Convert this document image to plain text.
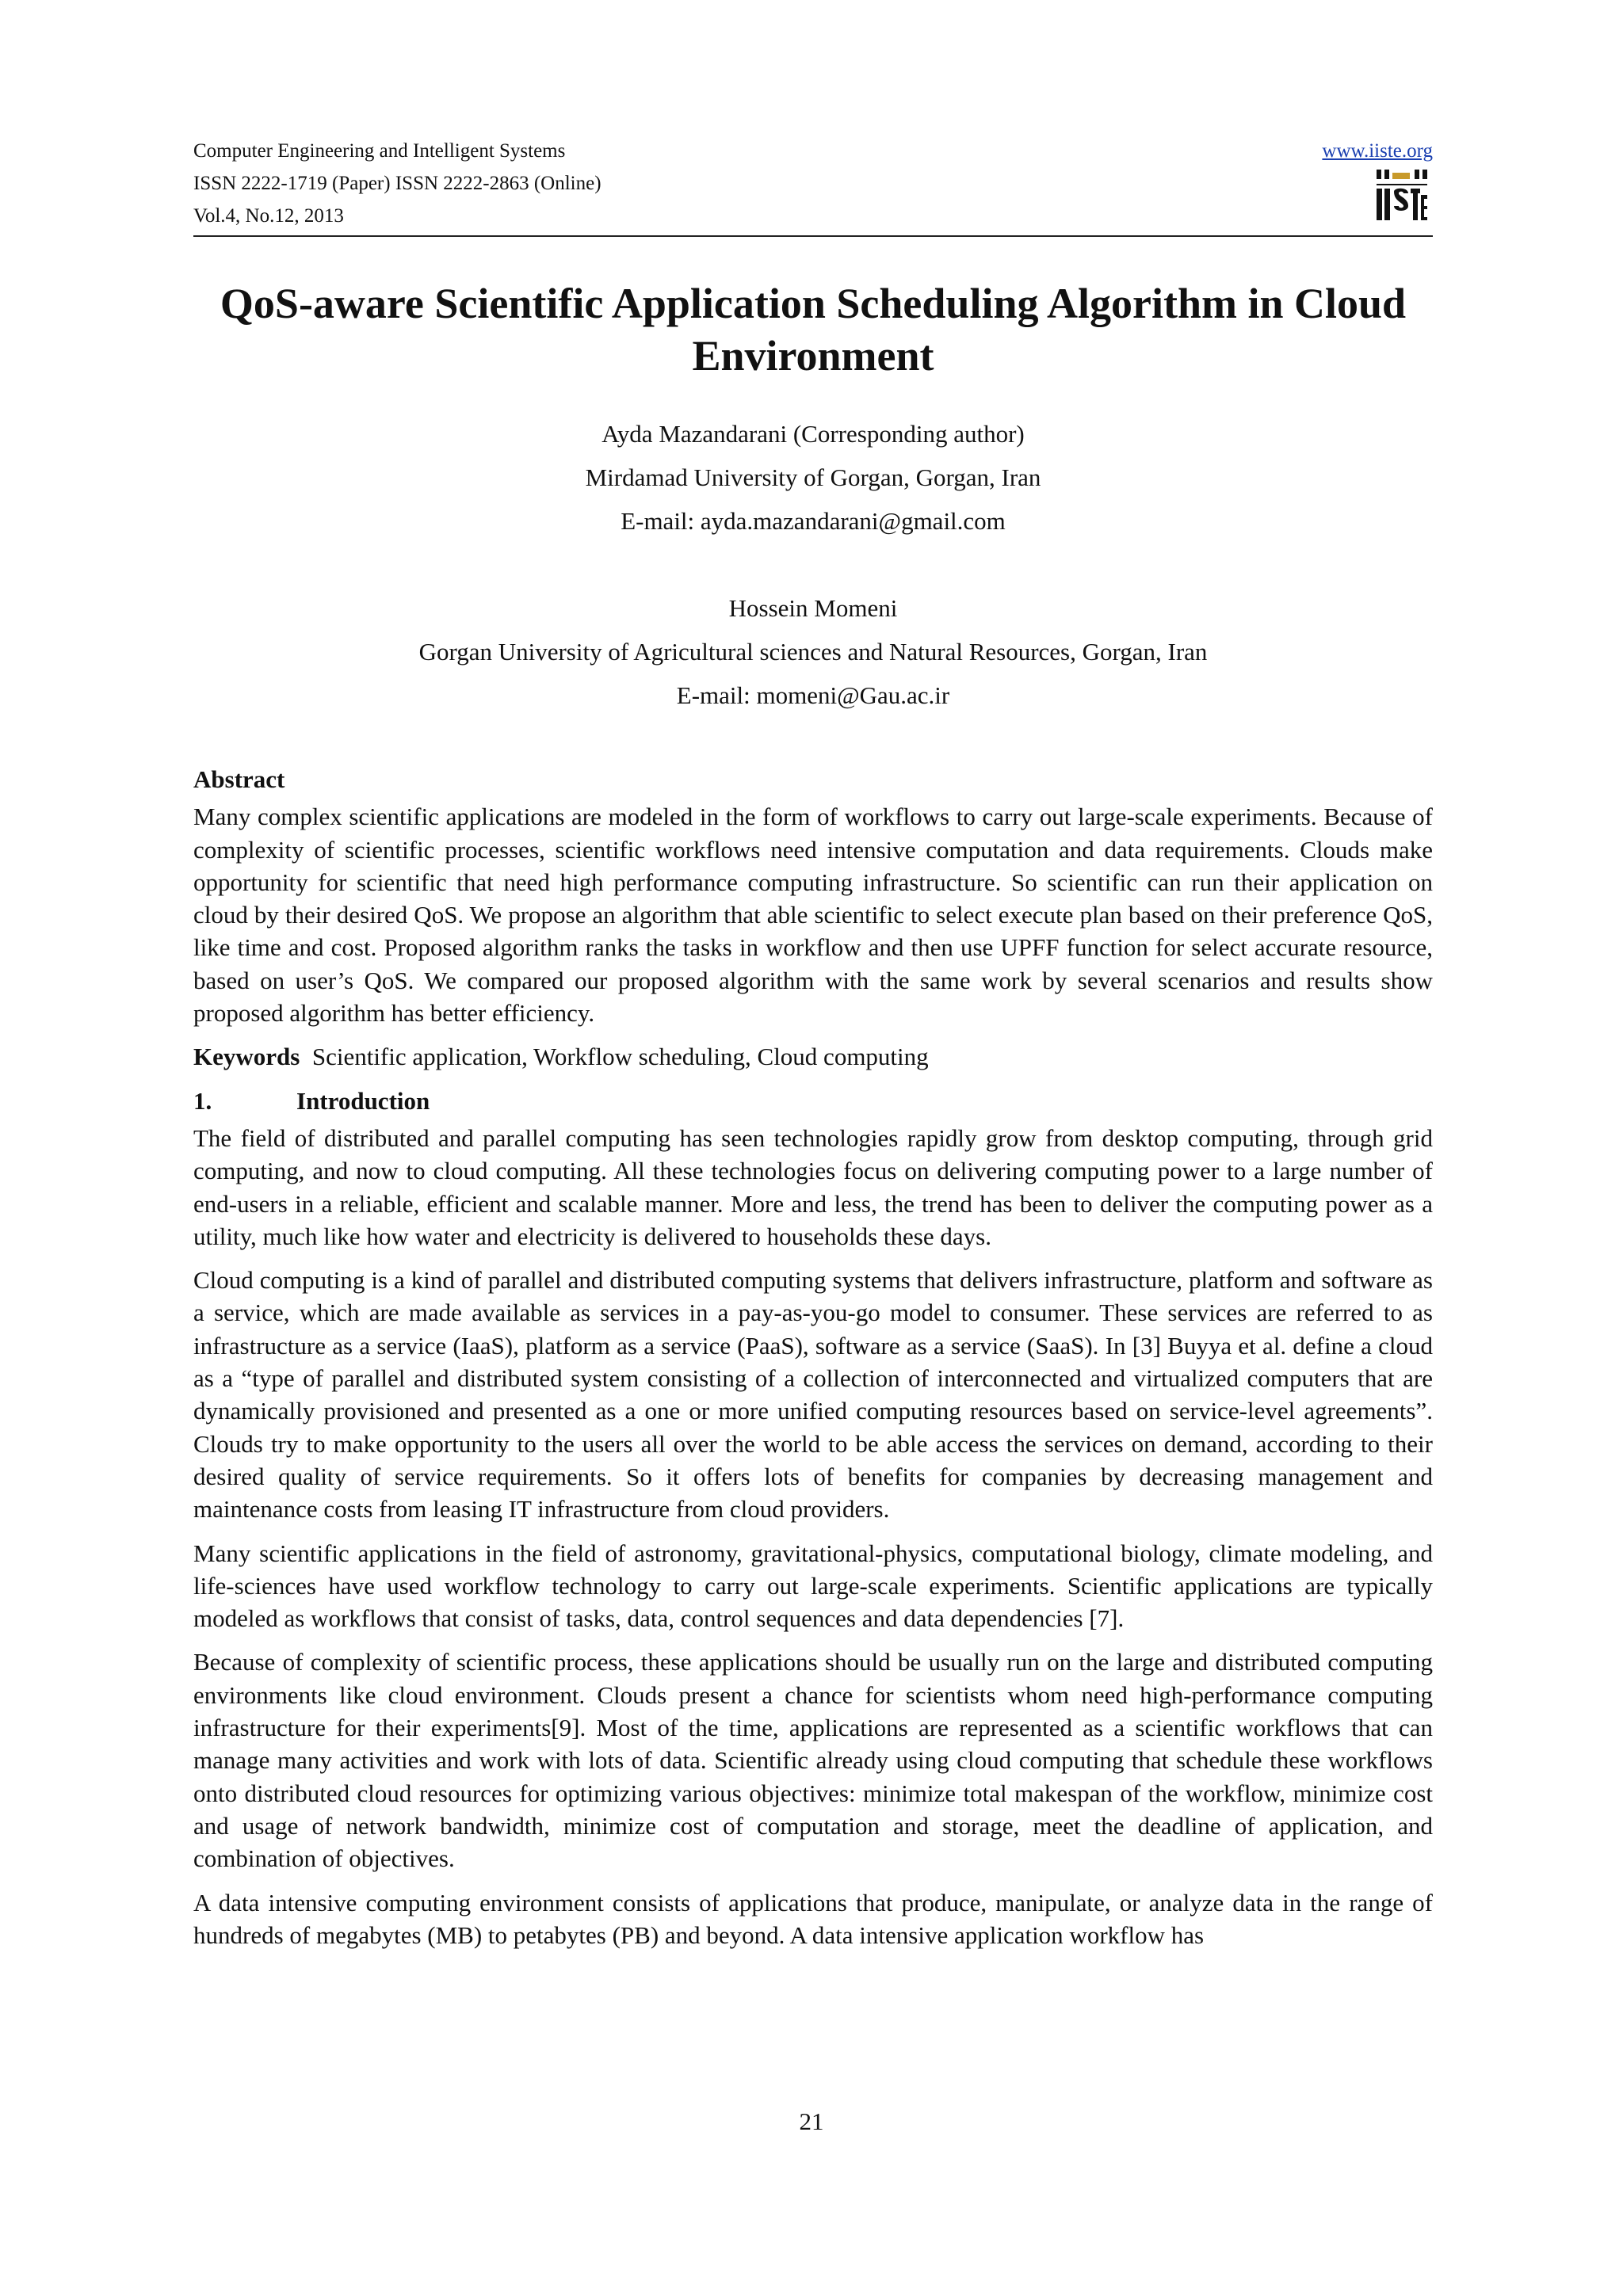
Computer Engineering and Intelligent Systems
ISSN 2222-1719 (Paper) ISSN 2222-2863 (Online)
Vol.4, No.12, 2013
www.iiste.org
QoS-aware Scientific Application Scheduling Algorithm in Cloud Environment
Ayda Mazandarani (Corresponding author)
Mirdamad University of Gorgan, Gorgan, Iran
E-mail: ayda.mazandarani@gmail.com
Hossein Momeni
Gorgan University of Agricultural sciences and Natural Resources, Gorgan, Iran
E-mail: momeni@Gau.ac.ir
Abstract

Many complex scientific applications are modeled in the form of workflows to carry out large-scale experiments. Because of complexity of scientific processes, scientific workflows need intensive computation and data requirements. Clouds make opportunity for scientific that need high performance computing infrastructure. So scientific can run their application on cloud by their desired QoS. We propose an algorithm that able scientific to select execute plan based on their preference QoS, like time and cost. Proposed algorithm ranks the tasks in workflow and then use UPFF function for select accurate resource, based on user’s QoS. We compared our proposed algorithm with the same work by several scenarios and results show proposed algorithm has better efficiency.

Keywords Scientific application, Workflow scheduling, Cloud computing

1.	Introduction

The field of distributed and parallel computing has seen technologies rapidly grow from desktop computing, through grid computing, and now to cloud computing. All these technologies focus on delivering computing power to a large number of end-users in a reliable, efficient and scalable manner. More and less, the trend has been to deliver the computing power as a utility, much like how water and electricity is delivered to households these days.

Cloud computing is a kind of parallel and distributed computing systems that delivers infrastructure, platform and software as a service, which are made available as services in a pay-as-you-go model to consumer. These services are referred to as infrastructure as a service (IaaS), platform as a service (PaaS), software as a service (SaaS). In [3] Buyya et al. define a cloud as a “type of parallel and distributed system consisting of a collection of interconnected and virtualized computers that are dynamically provisioned and presented as a one or more unified computing resources based on service-level agreements”. Clouds try to make opportunity to the users all over the world to be able access the services on demand, according to their desired quality of service requirements. So it offers lots of benefits for companies by decreasing management and maintenance costs from leasing IT infrastructure from cloud providers.

Many scientific applications in the field of astronomy, gravitational-physics, computational biology, climate modeling, and life-sciences have used workflow technology to carry out large-scale experiments. Scientific applications are typically modeled as workflows that consist of tasks, data, control sequences and data dependencies [7].

Because of complexity of scientific process, these applications should be usually run on the large and distributed computing environments like cloud environment. Clouds present a chance for scientists whom need high-performance computing infrastructure for their experiments[9]. Most of the time, applications are represented as a scientific workflows that can manage many activities and work with lots of data. Scientific already using cloud computing that schedule these workflows onto distributed cloud resources for optimizing various objectives: minimize total makespan of the workflow, minimize cost and usage of network bandwidth, minimize cost of computation and storage, meet the deadline of application, and combination of objectives.

A data intensive computing environment consists of applications that produce, manipulate, or analyze data in the range of hundreds of megabytes (MB) to petabytes (PB) and beyond. A data intensive application workflow has

21
